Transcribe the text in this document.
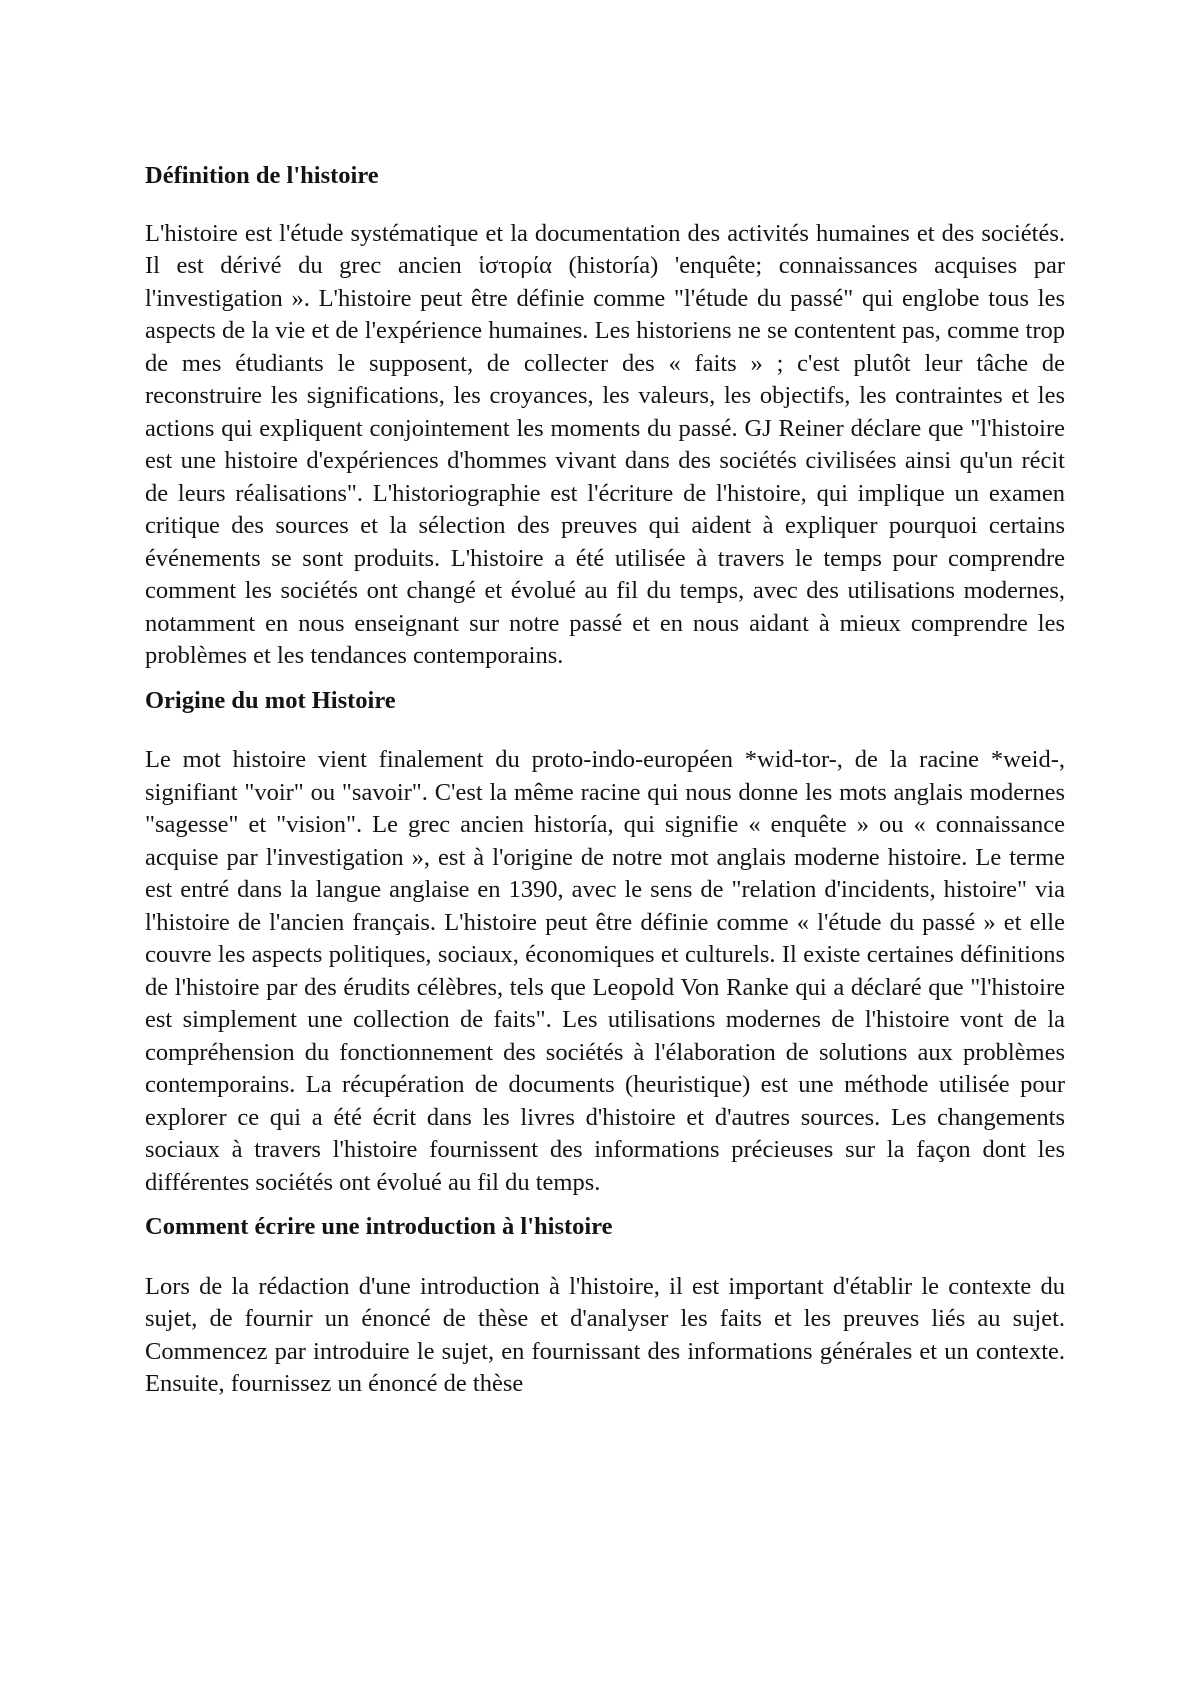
Définition de l'histoire

L'histoire est l'étude systématique et la documentation des activités humaines et des sociétés. Il est dérivé du grec ancien ἱστορία (historía) 'enquête; connaissances acquises par l'investigation ». L'histoire peut être définie comme "l'étude du passé" qui englobe tous les aspects de la vie et de l'expérience humaines. Les historiens ne se contentent pas, comme trop de mes étudiants le supposent, de collecter des « faits » ; c'est plutôt leur tâche de reconstruire les significations, les croyances, les valeurs, les objectifs, les contraintes et les actions qui expliquent conjointement les moments du passé. GJ Reiner déclare que "l'histoire est une histoire d'expériences d'hommes vivant dans des sociétés civilisées ainsi qu'un récit de leurs réalisations". L'historiographie est l'écriture de l'histoire, qui implique un examen critique des sources et la sélection des preuves qui aident à expliquer pourquoi certains événements se sont produits. L'histoire a été utilisée à travers le temps pour comprendre comment les sociétés ont changé et évolué au fil du temps, avec des utilisations modernes, notamment en nous enseignant sur notre passé et en nous aidant à mieux comprendre les problèmes et les tendances contemporains.

Origine du mot Histoire

Le mot histoire vient finalement du proto-indo-européen *wid-tor-, de la racine *weid-, signifiant "voir" ou "savoir". C'est la même racine qui nous donne les mots anglais modernes "sagesse" et "vision". Le grec ancien historía, qui signifie « enquête » ou « connaissance acquise par l'investigation », est à l'origine de notre mot anglais moderne histoire. Le terme est entré dans la langue anglaise en 1390, avec le sens de "relation d'incidents, histoire" via l'histoire de l'ancien français. L'histoire peut être définie comme « l'étude du passé » et elle couvre les aspects politiques, sociaux, économiques et culturels. Il existe certaines définitions de l'histoire par des érudits célèbres, tels que Leopold Von Ranke qui a déclaré que "l'histoire est simplement une collection de faits". Les utilisations modernes de l'histoire vont de la compréhension du fonctionnement des sociétés à l'élaboration de solutions aux problèmes contemporains. La récupération de documents (heuristique) est une méthode utilisée pour explorer ce qui a été écrit dans les livres d'histoire et d'autres sources. Les changements sociaux à travers l'histoire fournissent des informations précieuses sur la façon dont les différentes sociétés ont évolué au fil du temps.

Comment écrire une introduction à l'histoire

Lors de la rédaction d'une introduction à l'histoire, il est important d'établir le contexte du sujet, de fournir un énoncé de thèse et d'analyser les faits et les preuves liés au sujet. Commencez par introduire le sujet, en fournissant des informations générales et un contexte. Ensuite, fournissez un énoncé de thèse
